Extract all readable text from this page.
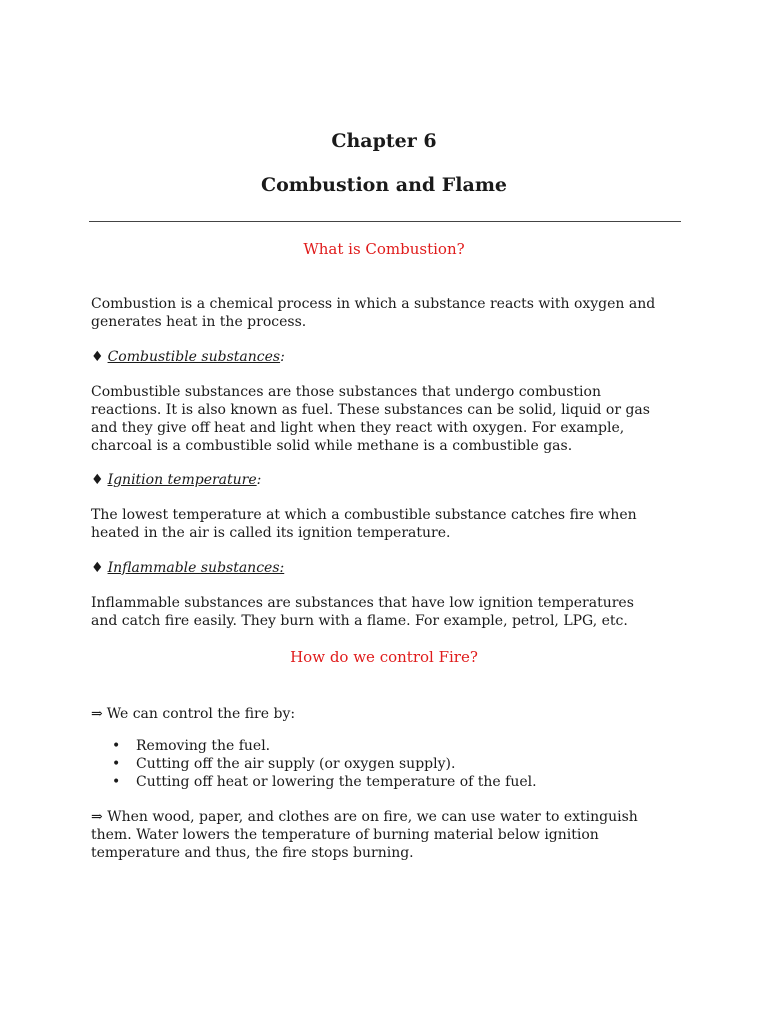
Chapter 6
Combustion and Flame
What is Combustion?

Combustion is a chemical process in which a substance reacts with oxygen and
generates heat in the process.

♦ Combustible substances:

Combustible substances are those substances that undergo combustion
reactions. It is also known as fuel. These substances can be solid, liquid or gas
and they give off heat and light when they react with oxygen. For example,
charcoal is a combustible solid while methane is a combustible gas.

♦ Ignition temperature:

The lowest temperature at which a combustible substance catches fire when
heated in the air is called its ignition temperature.

♦ Inflammable substances:

Inflammable substances are substances that have low ignition temperatures
and catch fire easily. They burn with a flame. For example, petrol, LPG, etc.

How do we control Fire?
⇒ We can control the fire by:
• Removing the fuel.
• Cutting off the air supply (or oxygen supply).
• Cutting off heat or lowering the temperature of the fuel.

⇒ When wood, paper, and clothes are on fire, we can use water to extinguish
them. Water lowers the temperature of burning material below ignition
temperature and thus, the fire stops burning.
